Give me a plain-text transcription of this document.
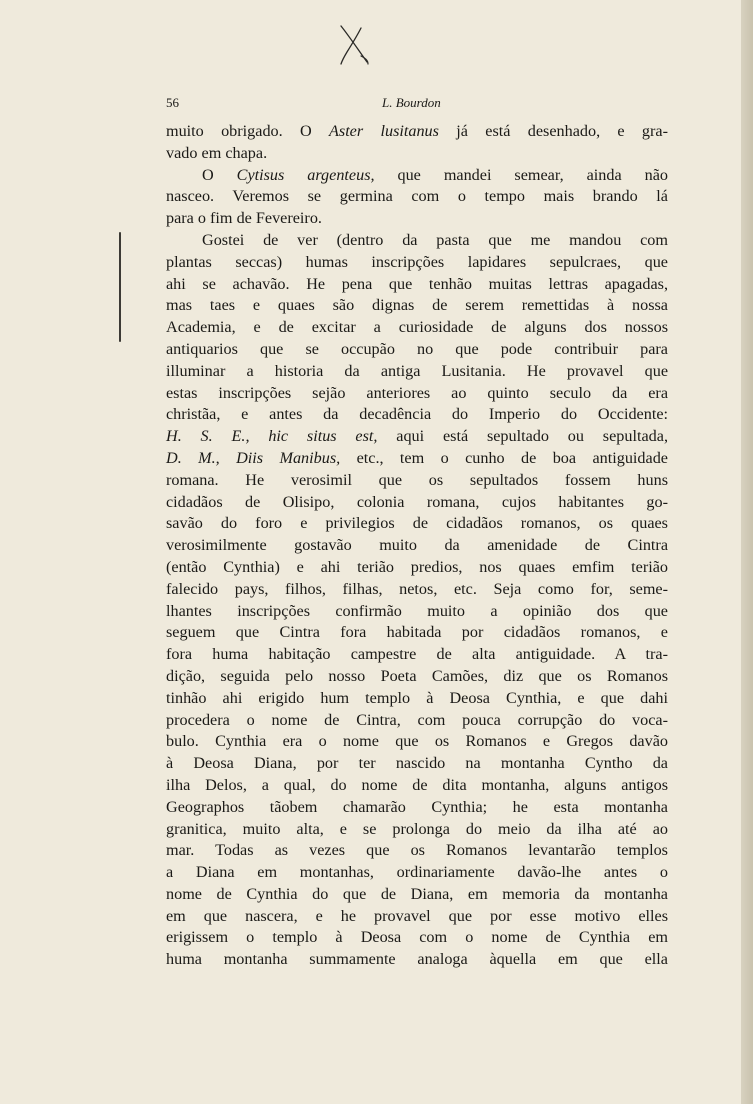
56	L. Bourdon
muito obrigado. O Aster lusitanus já está desenhado, e gra-
vado em chapa.
O Cytisus argenteus, que mandei semear, ainda não
nasceo. Veremos se germina com o tempo mais brando lá
para o fim de Fevereiro.
Gostei de ver (dentro da pasta que me mandou com
plantas seccas) humas inscripções lapidares sepulcraes, que
ahi se achavão. He pena que tenhão muitas lettras apagadas,
mas taes e quaes são dignas de serem remettidas à nossa
Academia, e de excitar a curiosidade de alguns dos nossos
antiquarios que se occupão no que pode contribuir para
illuminar a historia da antiga Lusitania. He provavel que
estas inscripções sejão anteriores ao quinto seculo da era
christãa, e antes da decadência do Imperio do Occidente:
H. S. E., hic situs est, aqui está sepultado ou sepultada,
D. M., Diis Manibus, etc., tem o cunho de boa antiguidade
romana. He verosimil que os sepultados fossem huns
cidadãos de Olisipo, colonia romana, cujos habitantes go-
savão do foro e privilegios de cidadãos romanos, os quaes
verosimilmente gostavão muito da amenidade de Cintra
(então Cynthia) e ahi terião predios, nos quaes emfim terião
falecido pays, filhos, filhas, netos, etc. Seja como for, seme-
lhantes inscripções confirmão muito a opinião dos que
seguem que Cintra fora habitada por cidadãos romanos, e
fora huma habitação campestre de alta antiguidade. A tra-
dição, seguida pelo nosso Poeta Camões, diz que os Romanos
tinhão ahi erigido hum templo à Deosa Cynthia, e que dahi
procedera o nome de Cintra, com pouca corrupção do voca-
bulo. Cynthia era o nome que os Romanos e Gregos davão
à Deosa Diana, por ter nascido na montanha Cyntho da
ilha Delos, a qual, do nome de dita montanha, alguns antigos
Geographos tãobem chamarão Cynthia; he esta montanha
granitica, muito alta, e se prolonga do meio da ilha até ao
mar. Todas as vezes que os Romanos levantarão templos
a Diana em montanhas, ordinariamente davão-lhe antes o
nome de Cynthia do que de Diana, em memoria da montanha
em que nascera, e he provavel que por esse motivo elles
erigissem o templo à Deosa com o nome de Cynthia em
huma montanha summamente analoga àquella em que ella
